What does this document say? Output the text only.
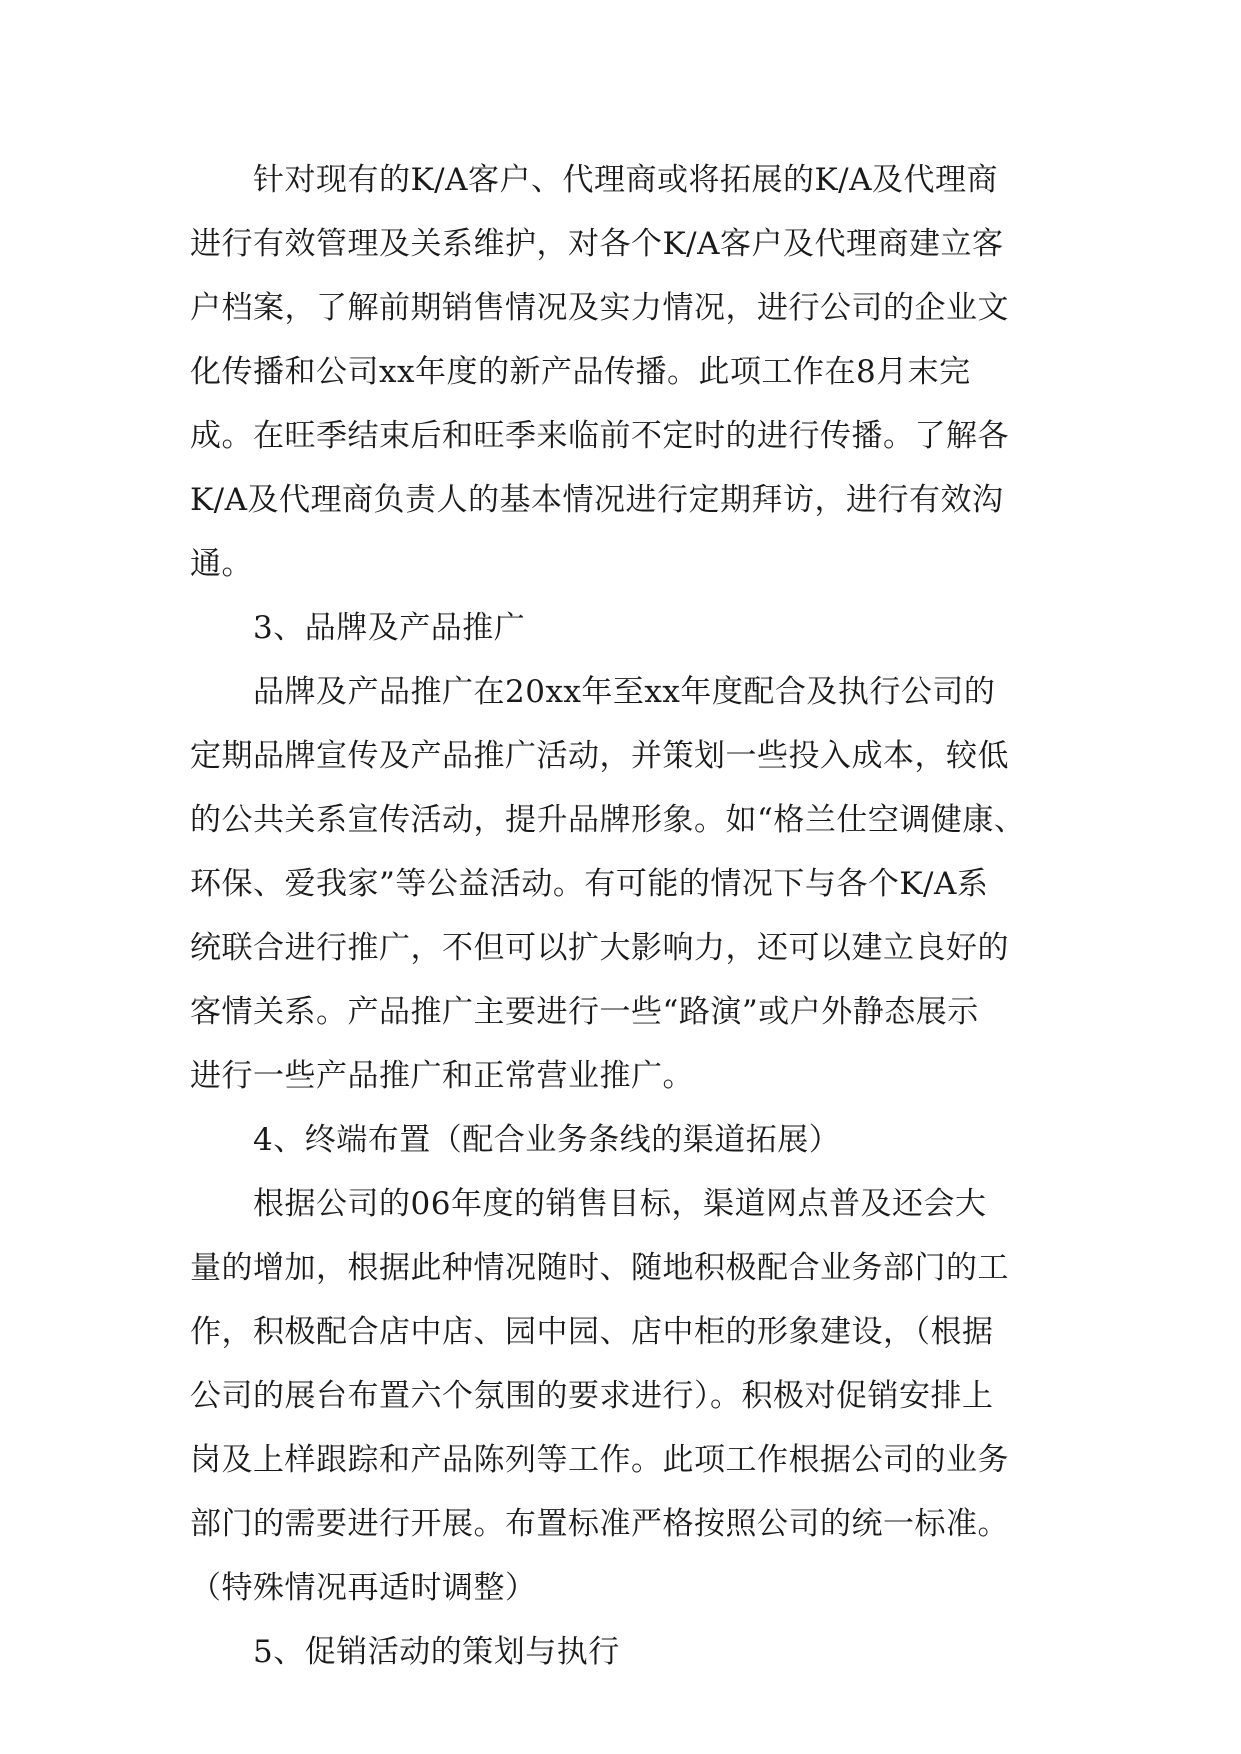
针对现有的K/A客户、代理商或将拓展的K/A及代理商
进行有效管理及关系维护，对各个K/A客户及代理商建立客
户档案，了解前期销售情况及实力情况，进行公司的企业文
化传播和公司xx年度的新产品传播。此项工作在8月末完
成。在旺季结束后和旺季来临前不定时的进行传播。了解各
K/A及代理商负责人的基本情况进行定期拜访，进行有效沟
通。
3、品牌及产品推广
品牌及产品推广在20xx年至xx年度配合及执行公司的
定期品牌宣传及产品推广活动，并策划一些投入成本，较低
的公共关系宣传活动，提升品牌形象。如“格兰仕空调健康、
环保、爱我家”等公益活动。有可能的情况下与各个K/A系
统联合进行推广，不但可以扩大影响力，还可以建立良好的
客情关系。产品推广主要进行一些“路演”或户外静态展示
进行一些产品推广和正常营业推广。
4、终端布置（配合业务条线的渠道拓展）
根据公司的06年度的销售目标，渠道网点普及还会大
量的增加，根据此种情况随时、随地积极配合业务部门的工
作，积极配合店中店、园中园、店中柜的形象建设，（根据
公司的展台布置六个氛围的要求进行）。积极对促销安排上
岗及上样跟踪和产品陈列等工作。此项工作根据公司的业务
部门的需要进行开展。布置标准严格按照公司的统一标准。
（特殊情况再适时调整）
5、促销活动的策划与执行
